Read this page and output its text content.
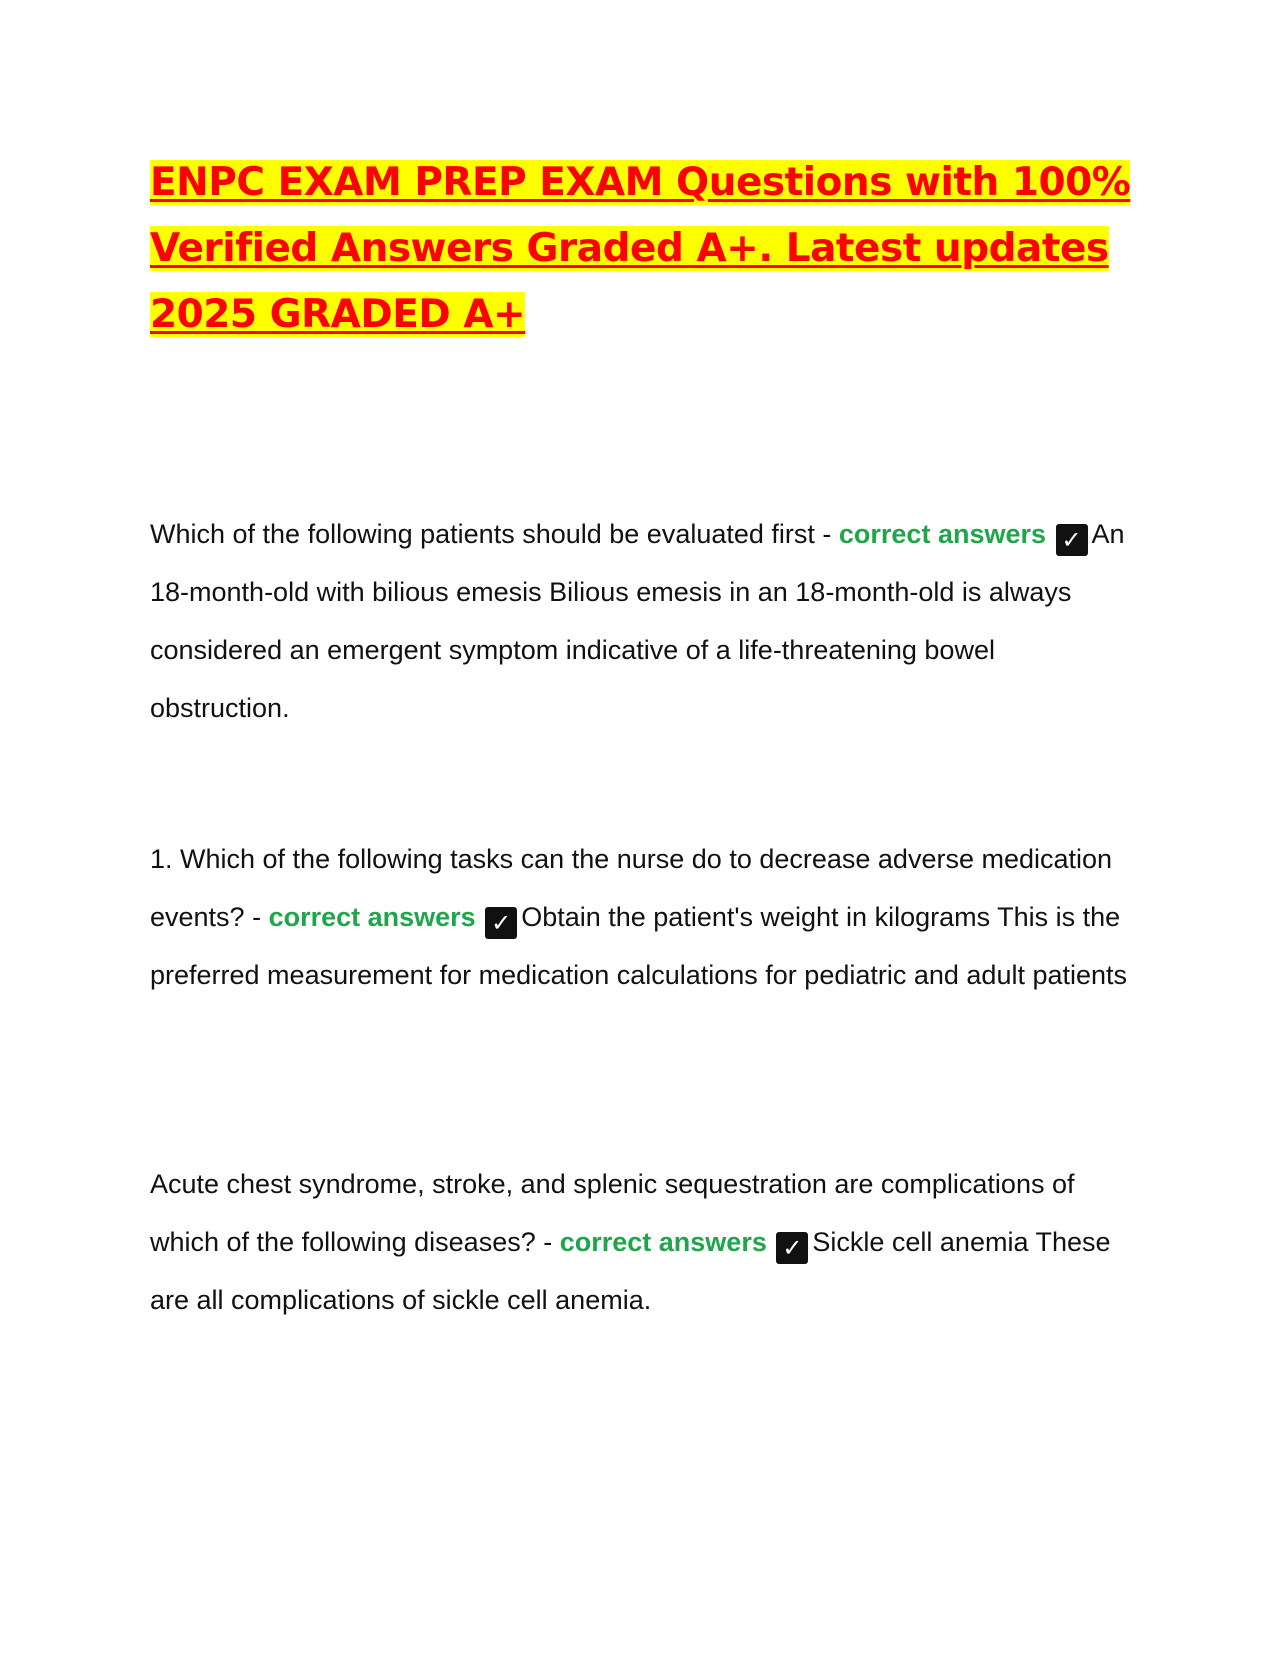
ENPC EXAM PREP EXAM Questions with 100%
Verified Answers Graded A+. Latest updates
2025 GRADED A+

Which of the following patients should be evaluated first - correct answers ✓ An 18-month-old with bilious emesis Bilious emesis in an 18-month-old is always considered an emergent symptom indicative of a life-threatening bowel obstruction.

1. Which of the following tasks can the nurse do to decrease adverse medication events? - correct answers ✓ Obtain the patient's weight in kilograms This is the preferred measurement for medication calculations for pediatric and adult patients

Acute chest syndrome, stroke, and splenic sequestration are complications of which of the following diseases? - correct answers ✓ Sickle cell anemia These are all complications of sickle cell anemia.
